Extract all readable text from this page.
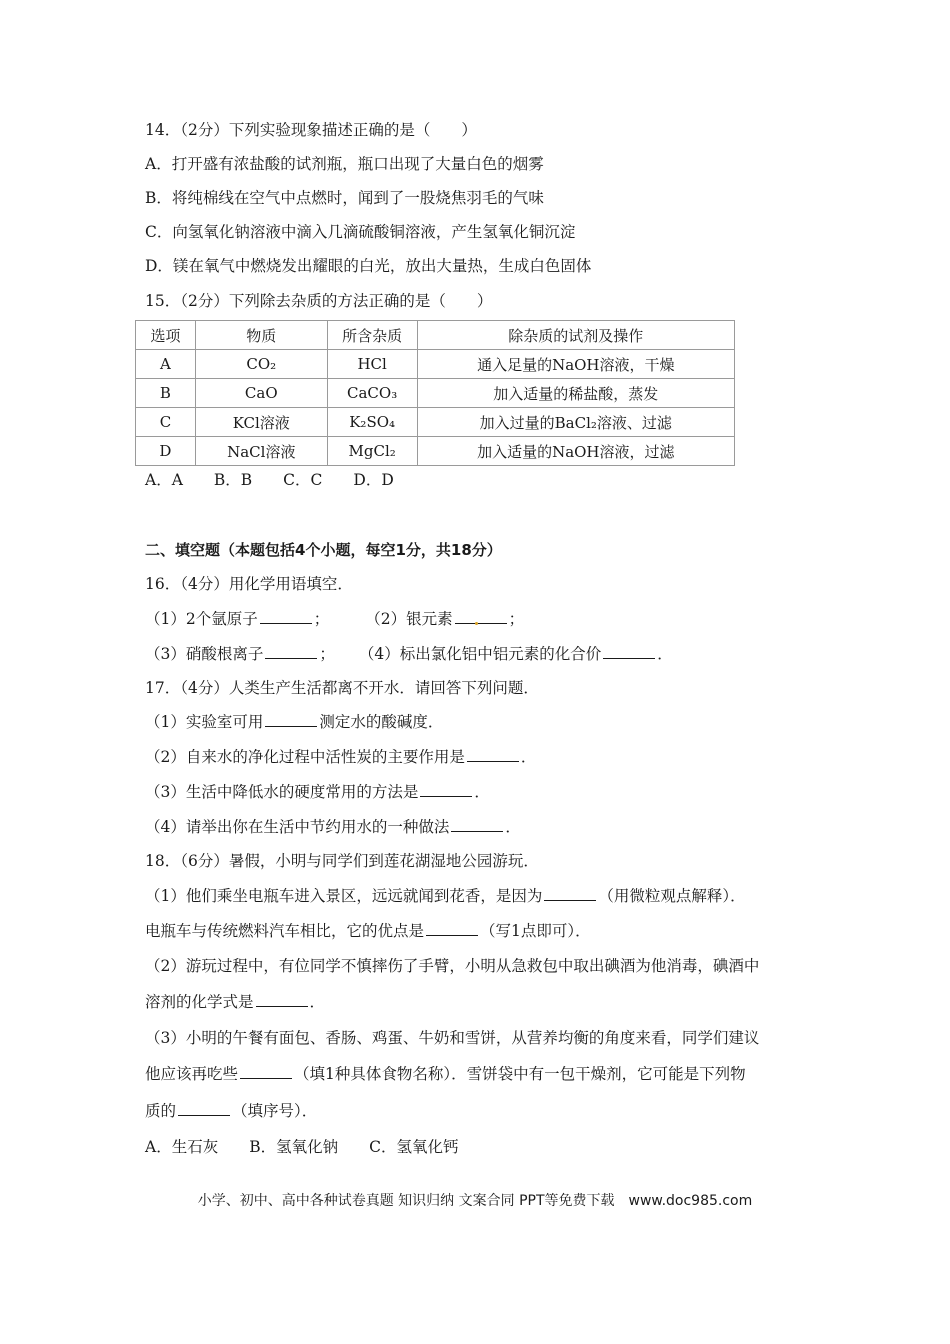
14．（2分）下列实验现象描述正确的是（　　）
A．打开盛有浓盐酸的试剂瓶，瓶口出现了大量白色的烟雾
B．将纯棉线在空气中点燃时，闻到了一股烧焦羽毛的气味
C．向氢氧化钠溶液中滴入几滴硫酸铜溶液，产生氢氧化铜沉淀
D．镁在氧气中燃烧发出耀眼的白光，放出大量热，生成白色固体
15．（2分）下列除去杂质的方法正确的是（　　）
选项	物质	所含杂质	除杂质的试剂及操作
A	CO₂	HCl	通入足量的NaOH溶液，干燥
B	CaO	CaCO₃	加入适量的稀盐酸，蒸发
C	KCl溶液	K₂SO₄	加入过量的BaCl₂溶液、过滤
D	NaCl溶液	MgCl₂	加入适量的NaOH溶液，过滤
A．A　　B．B　　C．C　　D．D
二、填空题（本题包括4个小题，每空1分，共18分）
16．（4分）用化学用语填空．
（1）2个氩原子	； （2）银元素	；
（3）硝酸根离子	； （4）标出氯化铝中铝元素的化合价	．
17．（4分）人类生产生活都离不开水．请回答下列问题．
（1）实验室可用	测定水的酸碱度．
（2）自来水的净化过程中活性炭的主要作用是	．
（3）生活中降低水的硬度常用的方法是	．
（4）请举出你在生活中节约用水的一种做法	．
18．（6分）暑假，小明与同学们到莲花湖湿地公园游玩．
（1）他们乘坐电瓶车进入景区，远远就闻到花香，是因为	（用微粒观点解释）．
电瓶车与传统燃料汽车相比，它的优点是	（写1点即可）．
（2）游玩过程中，有位同学不慎摔伤了手臂，小明从急救包中取出碘酒为他消毒，碘酒中
溶剂的化学式是	．
（3）小明的午餐有面包、香肠、鸡蛋、牛奶和雪饼，从营养均衡的角度来看，同学们建议
他应该再吃些	（填1种具体食物名称）．雪饼袋中有一包干燥剂，它可能是下列物
质的	（填序号）．
A．生石灰　　B．氢氧化钠　　C．氢氧化钙
小学、初中、高中各种试卷真题 知识归纳 文案合同 PPT等免费下载　www.doc985.com
